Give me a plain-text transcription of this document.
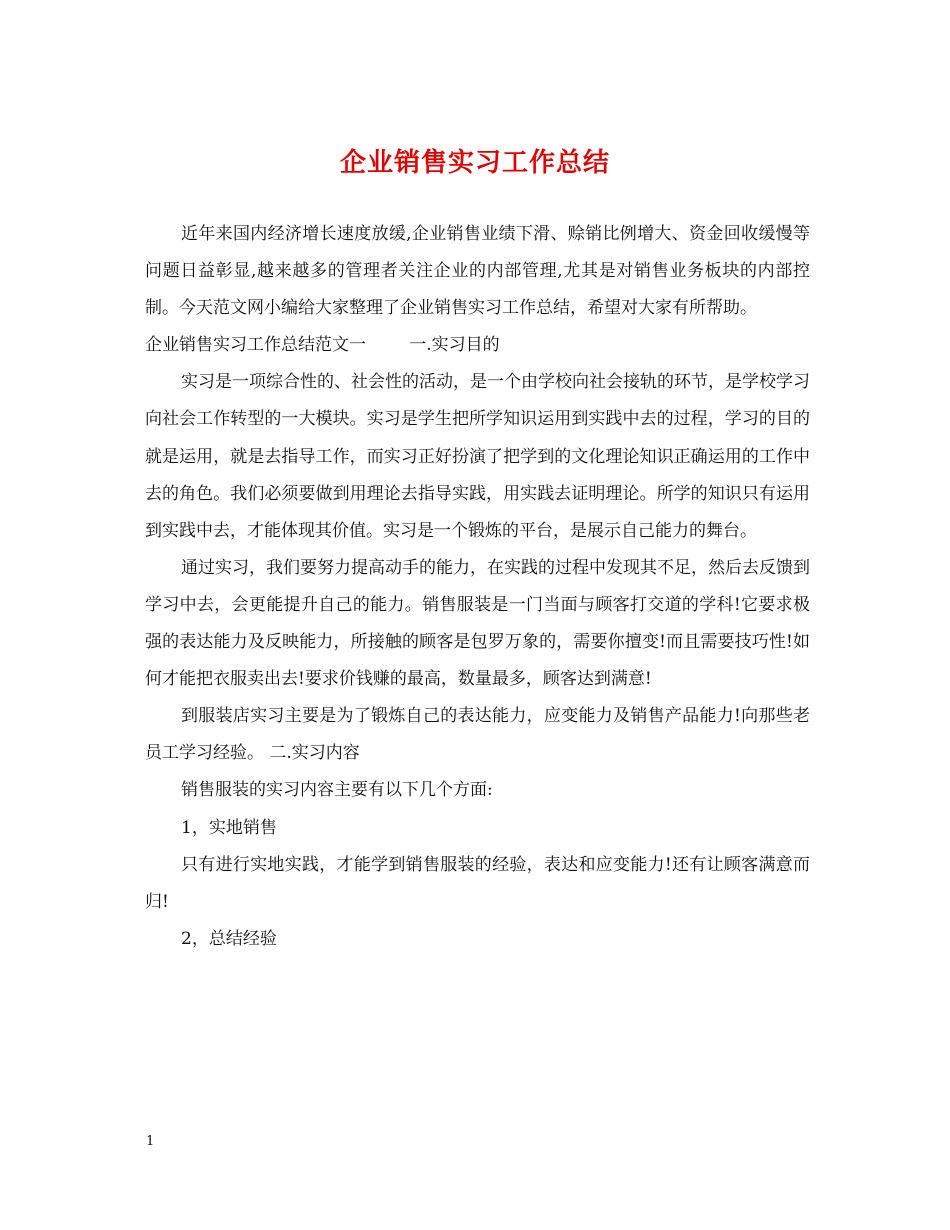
企业销售实习工作总结

近年来国内经济增长速度放缓,企业销售业绩下滑、赊销比例增大、资金回收缓慢等问题日益彰显,越来越多的管理者关注企业的内部管理,尤其是对销售业务板块的内部控制。今天范文网小编给大家整理了企业销售实习工作总结，希望对大家有所帮助。

企业销售实习工作总结范文一        一.实习目的

实习是一项综合性的、社会性的活动，是一个由学校向社会接轨的环节，是学校学习向社会工作转型的一大模块。实习是学生把所学知识运用到实践中去的过程，学习的目的就是运用，就是去指导工作，而实习正好扮演了把学到的文化理论知识正确运用的工作中去的角色。我们必须要做到用理论去指导实践，用实践去证明理论。所学的知识只有运用到实践中去，才能体现其价值。实习是一个锻炼的平台，是展示自己能力的舞台。

通过实习，我们要努力提高动手的能力，在实践的过程中发现其不足，然后去反馈到学习中去，会更能提升自己的能力。销售服装是一门当面与顾客打交道的学科!它要求极强的表达能力及反映能力，所接触的顾客是包罗万象的，需要你擅变!而且需要技巧性!如何才能把衣服卖出去!要求价钱赚的最高，数量最多，顾客达到满意!

到服装店实习主要是为了锻炼自己的表达能力，应变能力及销售产品能力!向那些老员工学习经验。 二.实习内容

销售服装的实习内容主要有以下几个方面:

1，实地销售

只有进行实地实践，才能学到销售服装的经验，表达和应变能力!还有让顾客满意而归!

2，总结经验

1
